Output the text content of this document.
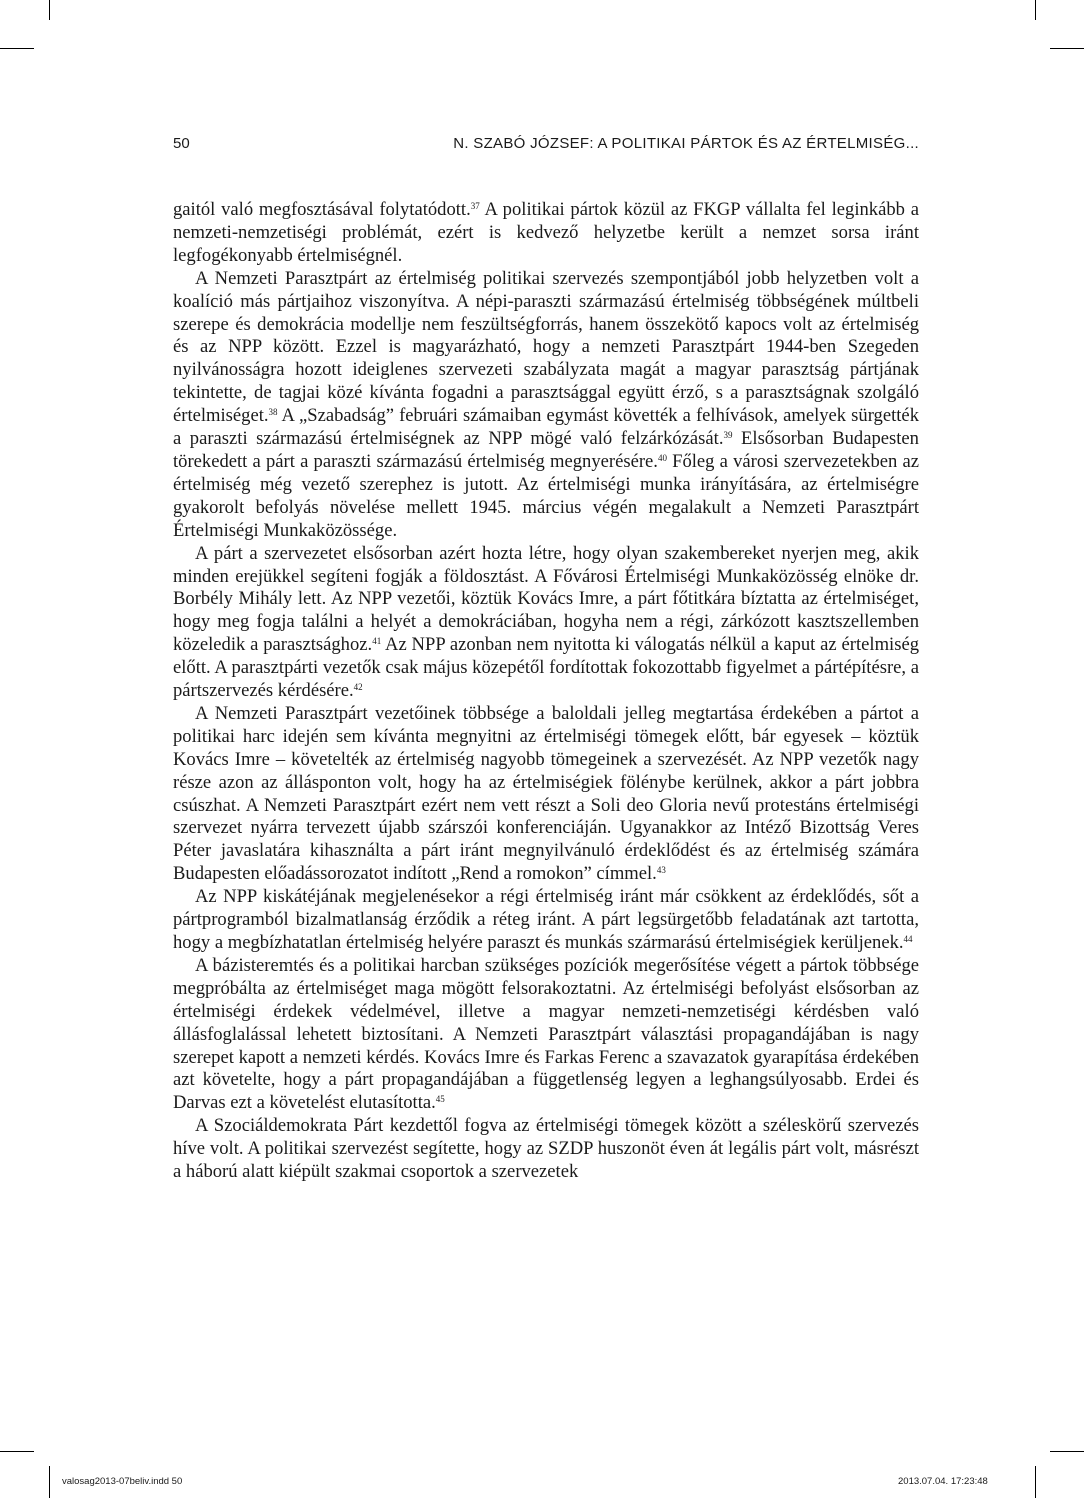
50	N. SZABÓ JÓZSEF: A POLITIKAI PÁRTOK ÉS AZ ÉRTELMISÉG...

gaitól való megfosztásával folytatódott.$^{37}$ A politikai pártok közül az FKGP vállalta fel leginkább a nemzeti-nemzetiségi problémát, ezért is kedvező helyzetbe került a nemzet sorsa iránt legfogékonyabb értelmiségnél.

A Nemzeti Parasztpárt az értelmiség politikai szervezés szempontjából jobb helyzetben volt a koalíció más pártjaihoz viszonyítva. A népi-paraszti származású értelmiség többségének múltbeli szerepe és demokrácia modellje nem feszültségforrás, hanem összekötő kapocs volt az értelmiség és az NPP között. Ezzel is magyarázható, hogy a nemzeti Parasztpárt 1944-ben Szegeden nyilvánosságra hozott ideiglenes szervezeti szabályzata magát a magyar parasztság pártjának tekintette, de tagjai közé kívánta fogadni a parasztsággal együtt érző, s a parasztságnak szolgáló értelmiséget.$^{38}$ A „Szabadság” februári számaiban egymást követték a felhívások, amelyek sürgették a paraszti származású értelmiségnek az NPP mögé való felzárkózását.$^{39}$ Elsősorban Budapesten törekedett a párt a paraszti származású értelmiség megnyerésére.$^{40}$ Főleg a városi szervezetekben az értelmiség még vezető szerephez is jutott. Az értelmiségi munka irányítására, az értelmiségre gyakorolt befolyás növelése mellett 1945. március végén megalakult a Nemzeti Parasztpárt Értelmiségi Munkaközössége.

A párt a szervezetet elsősorban azért hozta létre, hogy olyan szakembereket nyerjen meg, akik minden erejükkel segíteni fogják a földosztást. A Fővárosi Értelmiségi Munkaközösség elnöke dr. Borbély Mihály lett. Az NPP vezetői, köztük Kovács Imre, a párt főtitkára bíztatta az értelmiséget, hogy meg fogja találni a helyét a demokráciában, hogyha nem a régi, zárkózott kasztszellemben közeledik a parasztsághoz.$^{41}$ Az NPP azonban nem nyitotta ki válogatás nélkül a kaput az értelmiség előtt. A parasztpárti vezetők csak május közepétől fordítottak fokozottabb figyelmet a pártépítésre, a pártszervezés kérdésére.$^{42}$

A Nemzeti Parasztpárt vezetőinek többsége a baloldali jelleg megtartása érdekében a pártot a politikai harc idején sem kívánta megnyitni az értelmiségi tömegek előtt, bár egyesek – köztük Kovács Imre – követelték az értelmiség nagyobb tömegeinek a szervezését. Az NPP vezetők nagy része azon az állásponton volt, hogy ha az értelmiségiek fölénybe kerülnek, akkor a párt jobbra csúszhat. A Nemzeti Parasztpárt ezért nem vett részt a Soli deo Gloria nevű protestáns értelmiségi szervezet nyárra tervezett újabb szárszói konferenciáján. Ugyanakkor az Intéző Bizottság Veres Péter javaslatára kihasználta a párt iránt megnyilvánuló érdeklődést és az értelmiség számára Budapesten előadássorozatot indított „Rend a romokon” címmel.$^{43}$

Az NPP kiskátéjának megjelenésekor a régi értelmiség iránt már csökkent az érdeklődés, sőt a pártprogramból bizalmatlanság érződik a réteg iránt. A párt legsürgetőbb feladatának azt tartotta, hogy a megbízhatatlan értelmiség helyére paraszt és munkás szármarású értelmiségiek kerüljenek.$^{44}$

A bázisteremtés és a politikai harcban szükséges pozíciók megerősítése végett a pártok többsége megpróbálta az értelmiséget maga mögött felsorakoztatni. Az értelmiségi befolyást elsősorban az értelmiségi érdekek védelmével, illetve a magyar nemzeti-nemzetiségi kérdésben való állásfoglalással lehetett biztosítani. A Nemzeti Parasztpárt választási propagandájában is nagy szerepet kapott a nemzeti kérdés. Kovács Imre és Farkas Ferenc a szavazatok gyarapítása érdekében azt követelte, hogy a párt propagandájában a függetlenség legyen a leghangsúlyosabb. Erdei és Darvas ezt a követelést elutasította.$^{45}$

A Szociáldemokrata Párt kezdettől fogva az értelmiségi tömegek között a széleskörű szervezés híve volt. A politikai szervezést segítette, hogy az SZDP huszonöt éven át legális párt volt, másrészt a háború alatt kiépült szakmai csoportok a szervezetek

valosag2013-07beliv.indd 50	2013.07.04. 17:23:48
